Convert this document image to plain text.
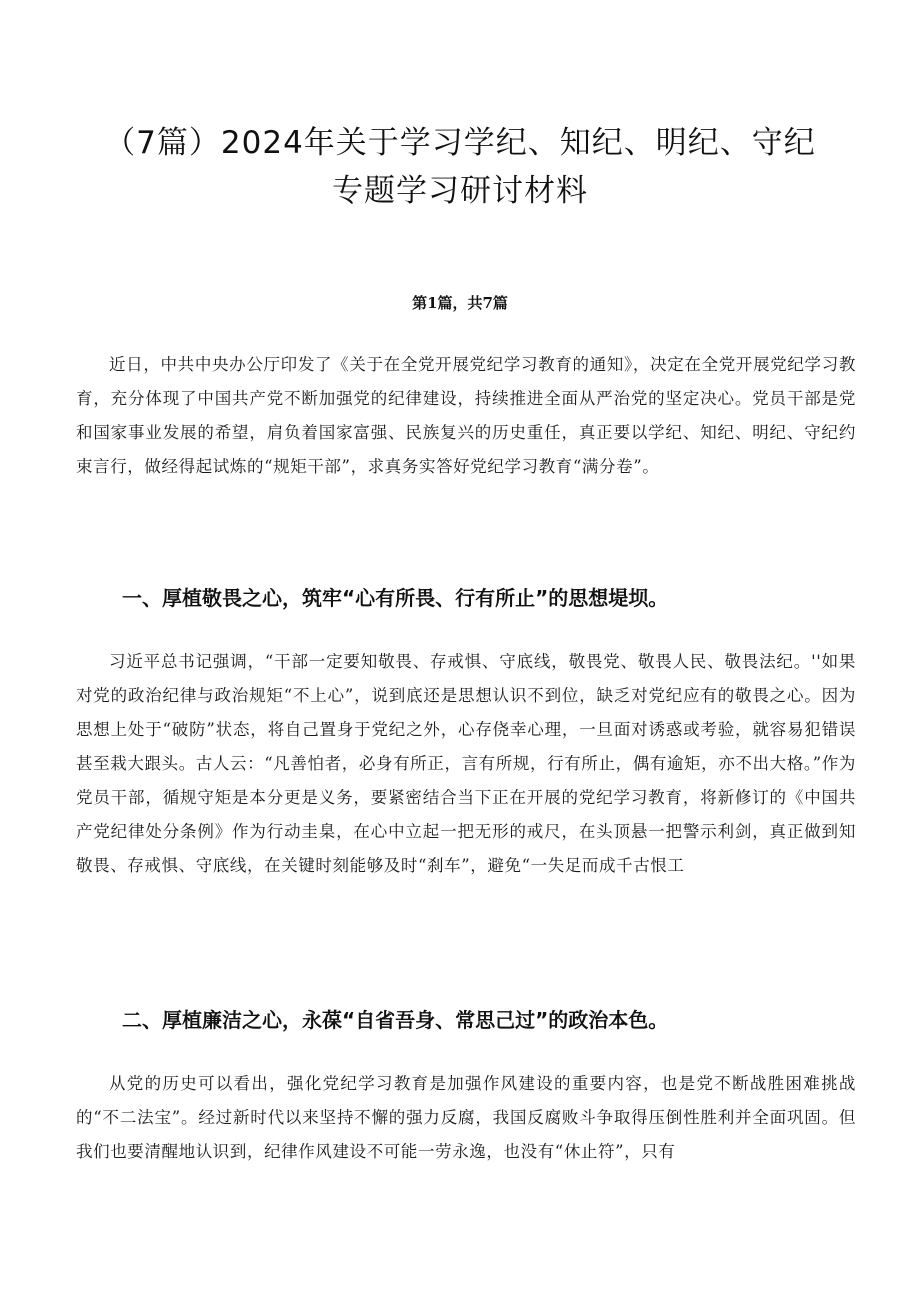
（7篇）2024年关于学习学纪、知纪、明纪、守纪
专题学习研讨材料

第1篇，共7篇

近日，中共中央办公厅印发了《关于在全党开展党纪学习教育的通知》，决定在全党开展党纪学习教育，充分体现了中国共产党不断加强党的纪律建设，持续推进全面从严治党的坚定决心。党员干部是党和国家事业发展的希望，肩负着国家富强、民族复兴的历史重任，真正要以学纪、知纪、明纪、守纪约束言行，做经得起试炼的“规矩干部”，求真务实答好党纪学习教育“满分卷”。

一、厚植敬畏之心，筑牢“心有所畏、行有所止”的思想堤坝。

习近平总书记强调，“干部一定要知敬畏、存戒惧、守底线，敬畏党、敬畏人民、敬畏法纪。''如果对党的政治纪律与政治规矩“不上心”，说到底还是思想认识不到位，缺乏对党纪应有的敬畏之心。因为思想上处于“破防”状态，将自己置身于党纪之外，心存侥幸心理，一旦面对诱惑或考验，就容易犯错误甚至栽大跟头。古人云：“凡善怕者，必身有所正，言有所规，行有所止，偶有逾矩，亦不出大格。”作为党员干部，循规守矩是本分更是义务，要紧密结合当下正在开展的党纪学习教育，将新修订的《中国共产党纪律处分条例》作为行动圭臬，在心中立起一把无形的戒尺，在头顶悬一把警示利剑，真正做到知敬畏、存戒惧、守底线，在关键时刻能够及时“刹车”，避免“一失足而成千古恨工

二、厚植廉洁之心，永葆“自省吾身、常思己过”的政治本色。

从党的历史可以看出，强化党纪学习教育是加强作风建设的重要内容，也是党不断战胜困难挑战的“不二法宝”。经过新时代以来坚持不懈的强力反腐，我国反腐败斗争取得压倒性胜利并全面巩固。但我们也要清醒地认识到，纪律作风建设不可能一劳永逸，也没有“休止符”，只有
